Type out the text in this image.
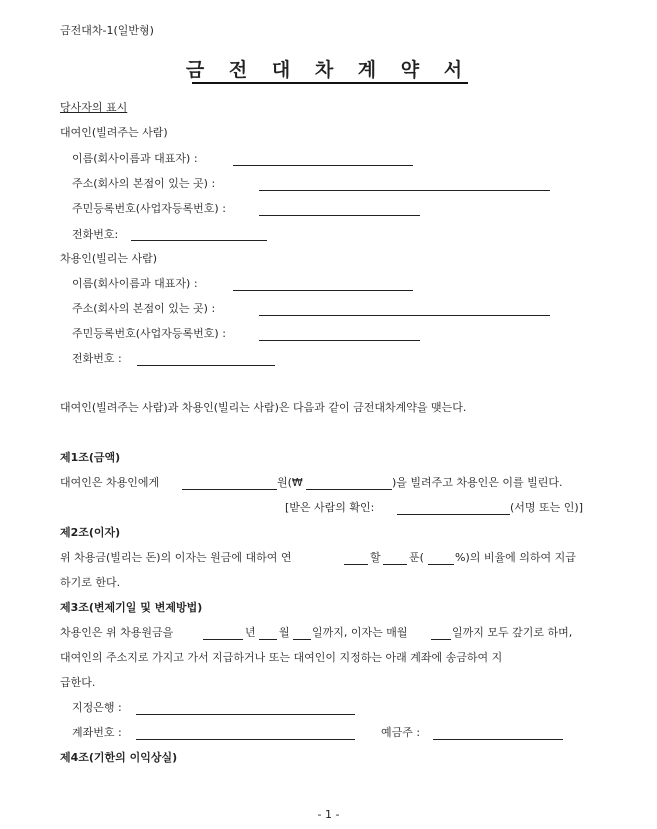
금전대차-1(일반형)
금 전 대 차 계 약 서
당사자의 표시
대여인(빌려주는 사람)
이름(회사이름과 대표자) :
주소(회사의 본점이 있는 곳) :
주민등록번호(사업자등록번호) :
전화번호:
차용인(빌리는 사람)
이름(회사이름과 대표자) :
주소(회사의 본점이 있는 곳) :
주민등록번호(사업자등록번호) :
전화번호 :
대여인(빌려주는 사람)과 차용인(빌리는 사람)은 다음과 같이 금전대차계약을 맺는다.
제1조(금액)
대여인은 차용인에게	원(₩	)을 빌려주고 차용인은 이를 빌린다.
[받은 사람의 확인:	(서명 또는 인)]
제2조(이자)
위 차용금(빌리는 돈)의 이자는 원금에 대하여 연	할	푼(	%)의 비율에 의하여 지급
하기로 한다.
제3조(변제기일 및 변제방법)
차용인은 위 차용원금을	년 월 일까지, 이자는 매월	일까지 모두 갚기로 하며,
대여인의 주소지로 가지고 가서 지급하거나 또는 대여인이 지정하는 아래 계좌에 송금하여 지
급한다.
지정은행 :
계좌번호 :	예금주 :
제4조(기한의 이익상실)
- 1 -
